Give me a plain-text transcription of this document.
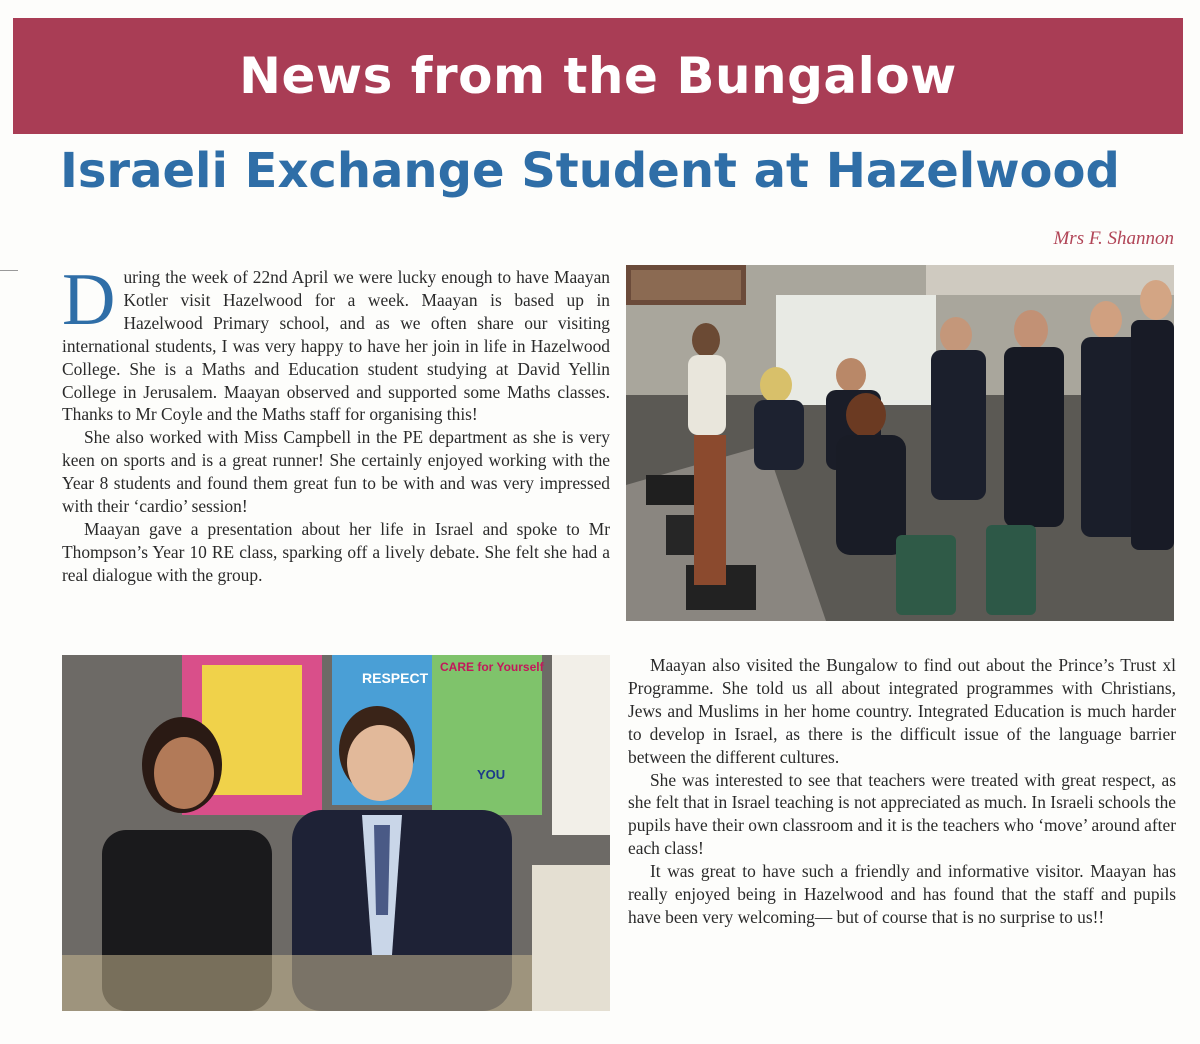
News from the Bungalow
Israeli Exchange Student at Hazelwood
Mrs F. Shannon

During the week of 22nd April we were lucky enough to have Maayan Kotler visit Hazelwood for a week. Maayan is based up in Hazelwood Primary school, and as we often share our visiting international students, I was very happy to have her join in life in Hazelwood College. She is a Maths and Education student studying at David Yellin College in Jerusalem. Maayan observed and supported some Maths classes. Thanks to Mr Coyle and the Maths staff for organising this!

She also worked with Miss Campbell in the PE department as she is very keen on sports and is a great runner! She certainly enjoyed working with the Year 8 students and found them great fun to be with and was very impressed with their ‘cardio’ session!

Maayan gave a presentation about her life in Israel and spoke to Mr Thompson’s Year 10 RE class, sparking off a lively debate. She felt she had a real dialogue with the group.

Maayan also visited the Bungalow to find out about the Prince’s Trust xl Programme. She told us all about integrated programmes with Christians, Jews and Muslims in her home country. Integrated Education is much harder to develop in Israel, as there is the difficult issue of the language barrier between the different cultures.

She was interested to see that teachers were treated with great respect, as she felt that in Israel teaching is not appreciated as much. In Israeli schools the pupils have their own classroom and it is the teachers who ‘move’ around after each class!

It was great to have such a friendly and informative visitor. Maayan has really enjoyed being in Hazelwood and has found that the staff and pupils have been very welcoming— but of course that is no surprise to us!!

RESPECT
CARE for Yourself
YOU
